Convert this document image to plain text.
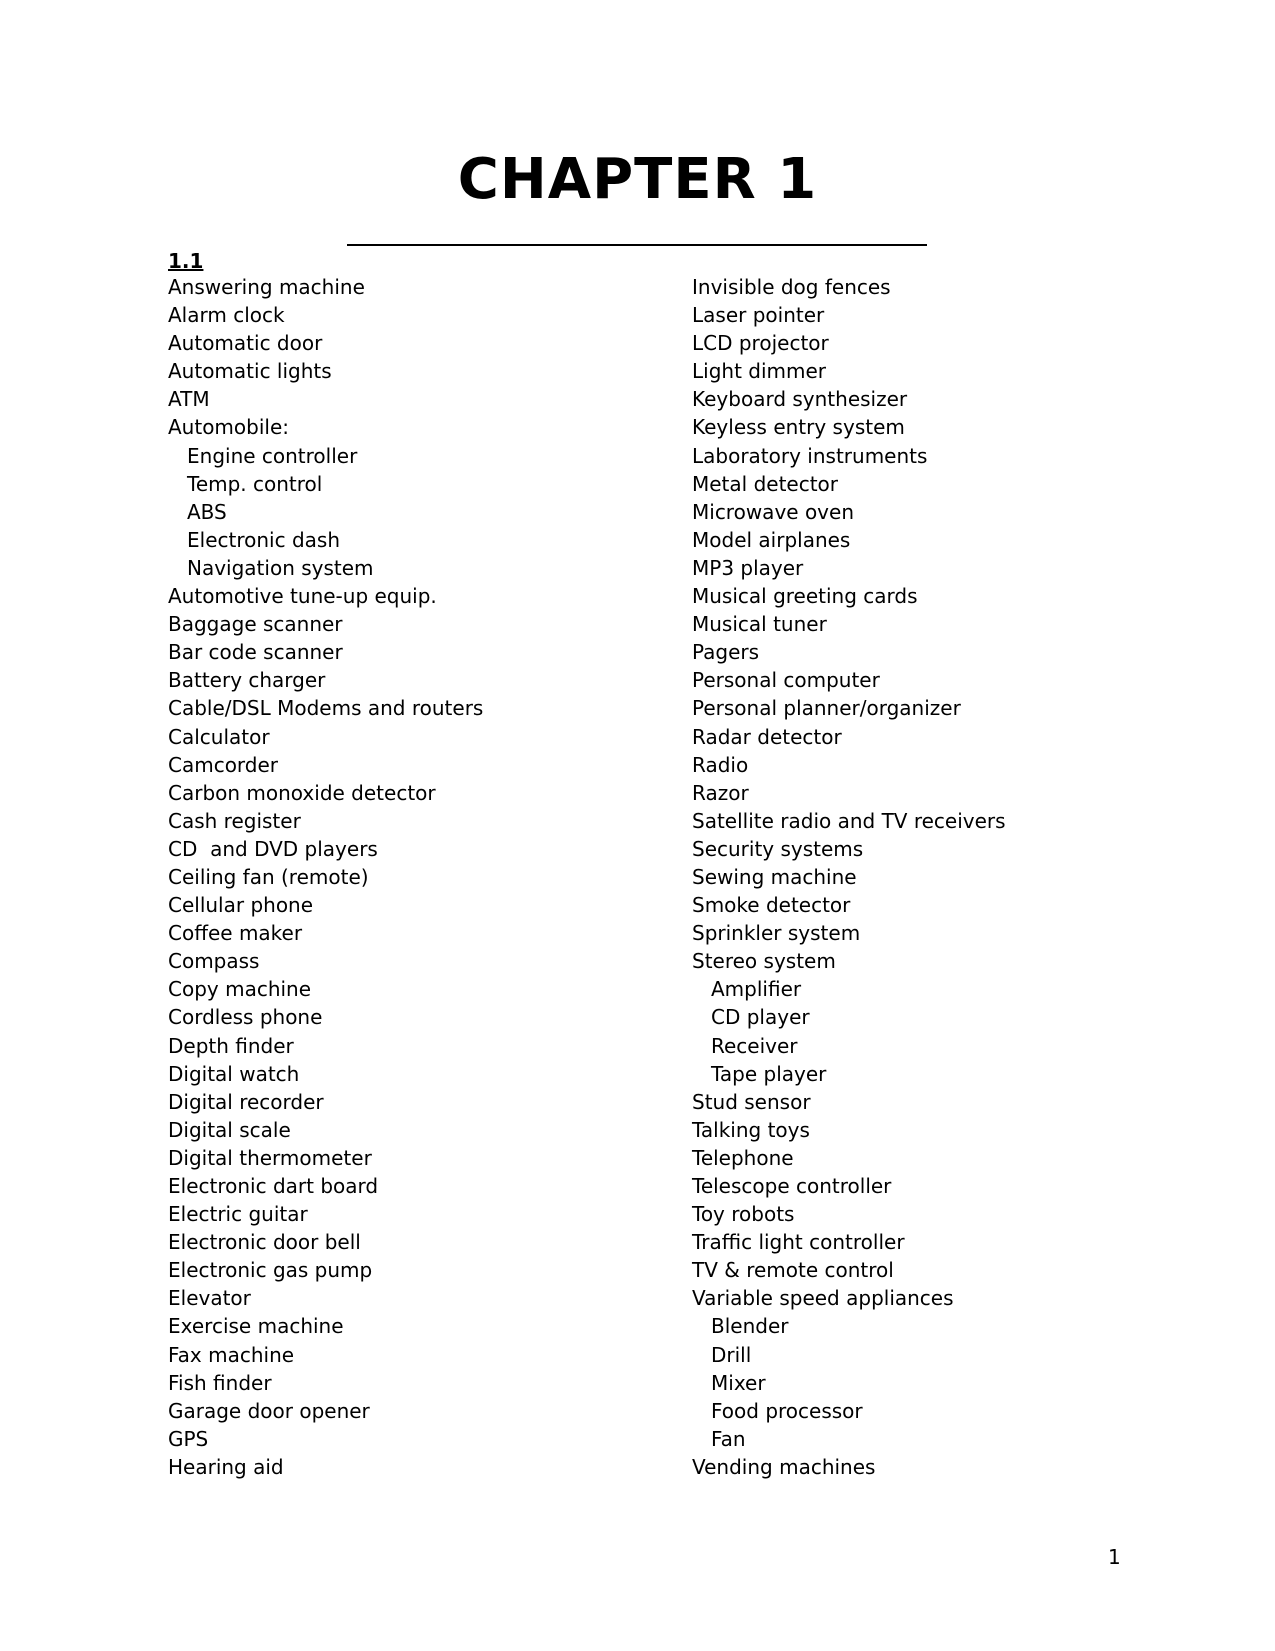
CHAPTER 1
1.1
Answering machine
Alarm clock
Automatic door
Automatic lights
ATM
Automobile:
Engine controller
Temp. control
ABS
Electronic dash
Navigation system
Automotive tune-up equip.
Baggage scanner
Bar code scanner
Battery charger
Cable/DSL Modems and routers
Calculator
Camcorder
Carbon monoxide detector
Cash register
CD  and DVD players
Ceiling fan (remote)
Cellular phone
Coffee maker
Compass
Copy machine
Cordless phone
Depth finder
Digital watch
Digital recorder
Digital scale
Digital thermometer
Electronic dart board
Electric guitar
Electronic door bell
Electronic gas pump
Elevator
Exercise machine
Fax machine
Fish finder
Garage door opener
GPS
Hearing aid
Invisible dog fences
Laser pointer
LCD projector
Light dimmer
Keyboard synthesizer
Keyless entry system
Laboratory instruments
Metal detector
Microwave oven
Model airplanes
MP3 player
Musical greeting cards
Musical tuner
Pagers
Personal computer
Personal planner/organizer
Radar detector
Radio
Razor
Satellite radio and TV receivers
Security systems
Sewing machine
Smoke detector
Sprinkler system
Stereo system
Amplifier
CD player
Receiver
Tape player
Stud sensor
Talking toys
Telephone
Telescope controller
Toy robots
Traffic light controller
TV & remote control
Variable speed appliances
Blender
Drill
Mixer
Food processor
Fan
Vending machines
1
